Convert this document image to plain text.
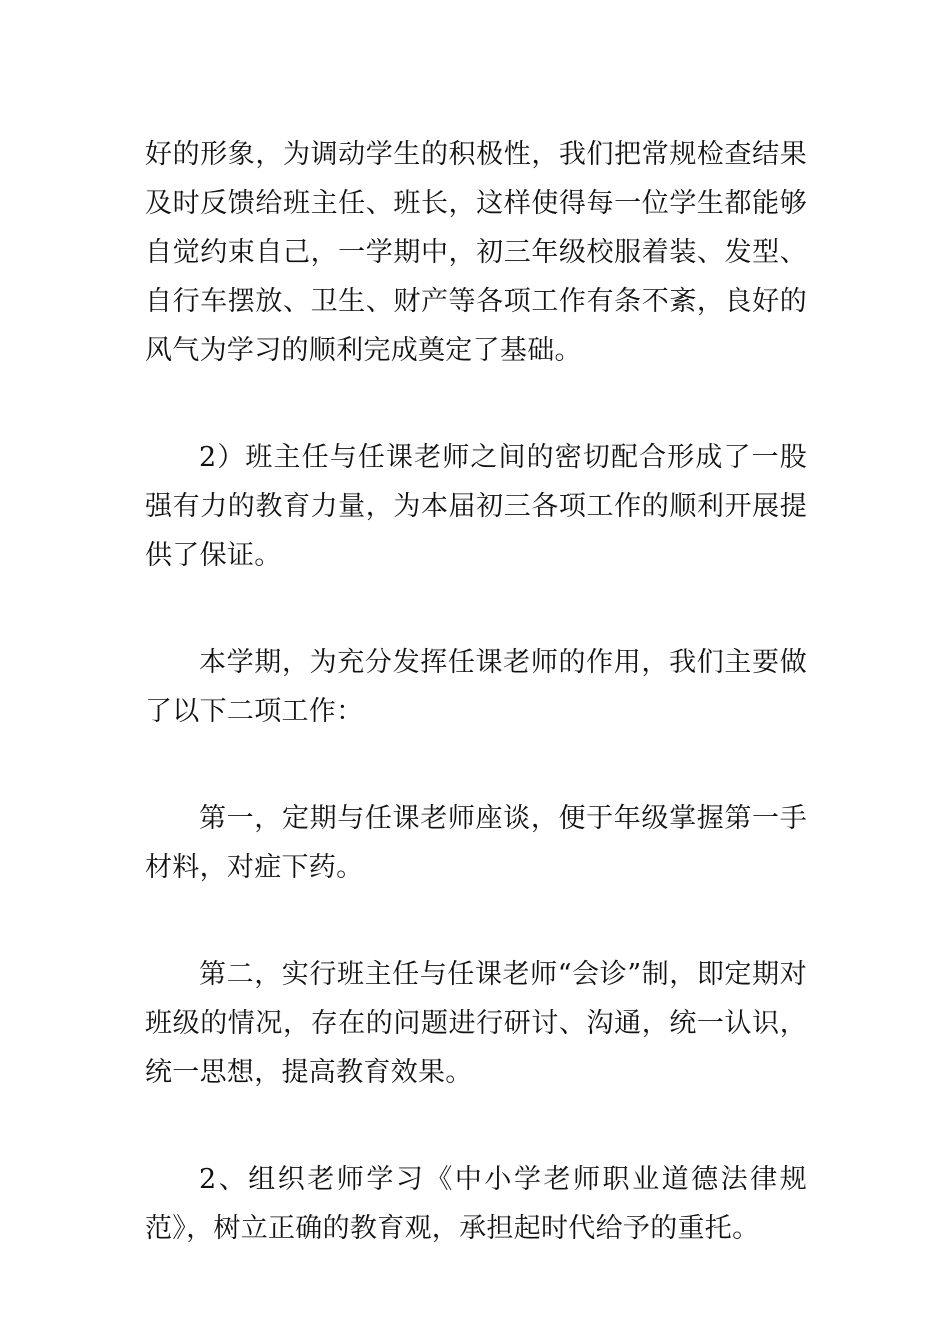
好的形象，为调动学生的积极性，我们把常规检查结果及时反馈给班主任、班长，这样使得每一位学生都能够自觉约束自己，一学期中，初三年级校服着装、发型、自行车摆放、卫生、财产等各项工作有条不紊，良好的风气为学习的顺利完成奠定了基础。

2）班主任与任课老师之间的密切配合形成了一股强有力的教育力量，为本届初三各项工作的顺利开展提供了保证。

本学期，为充分发挥任课老师的作用，我们主要做了以下二项工作：

第一，定期与任课老师座谈，便于年级掌握第一手材料，对症下药。

第二，实行班主任与任课老师“会诊”制，即定期对班级的情况，存在的问题进行研讨、沟通，统一认识，统一思想，提高教育效果。

2、组织老师学习《中小学老师职业道德法律规范》，树立正确的教育观，承担起时代给予的重托。
